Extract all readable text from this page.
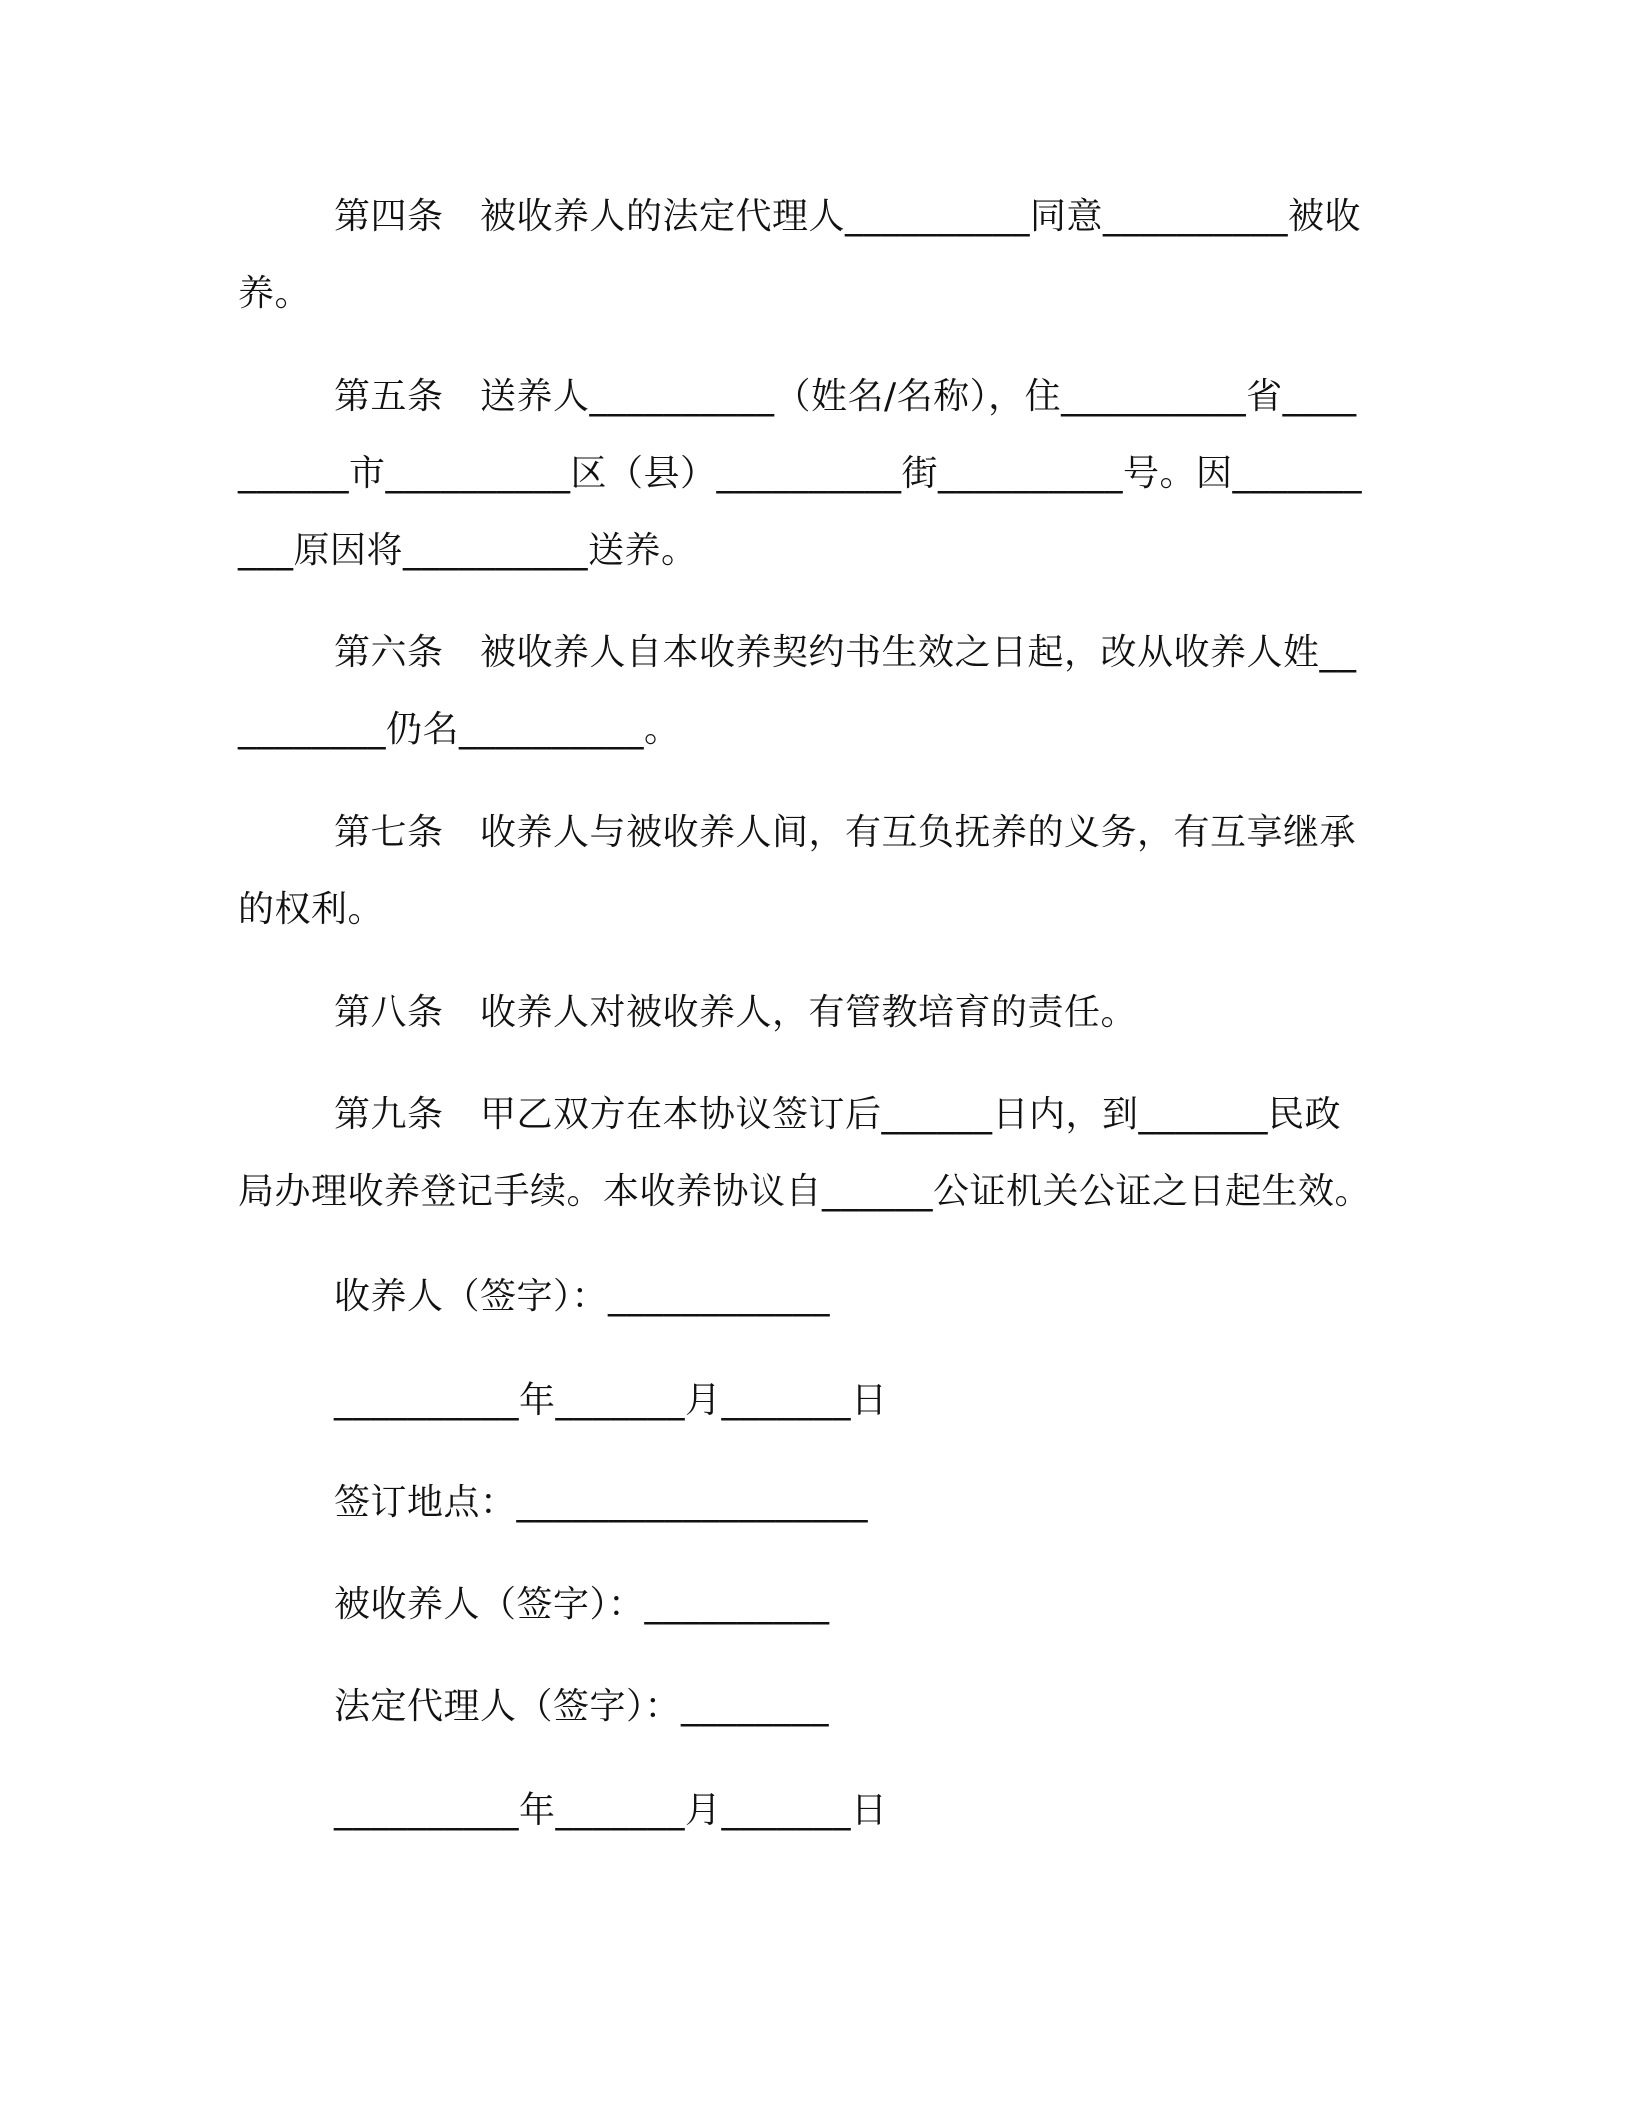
第四条　被收养人的法定代理人__________同意__________被收养。
第五条　送养人__________（姓名/名称），住__________省__________市__________区（县）__________街__________号。因__________原因将__________送养。
第六条　被收养人自本收养契约书生效之日起，改从收养人姓__________仍名__________。
第七条　收养人与被收养人间，有互负抚养的义务，有互享继承的权利。
第八条　收养人对被收养人，有管教培育的责任。
第九条　甲乙双方在本协议签订后______日内，到_______民政局办理收养登记手续。本收养协议自______公证机关公证之日起生效。
收养人（签字）：____________
__________年_______月_______日
签订地点：___________________
被收养人（签字）：__________
法定代理人（签字）：________
__________年_______月_______日
